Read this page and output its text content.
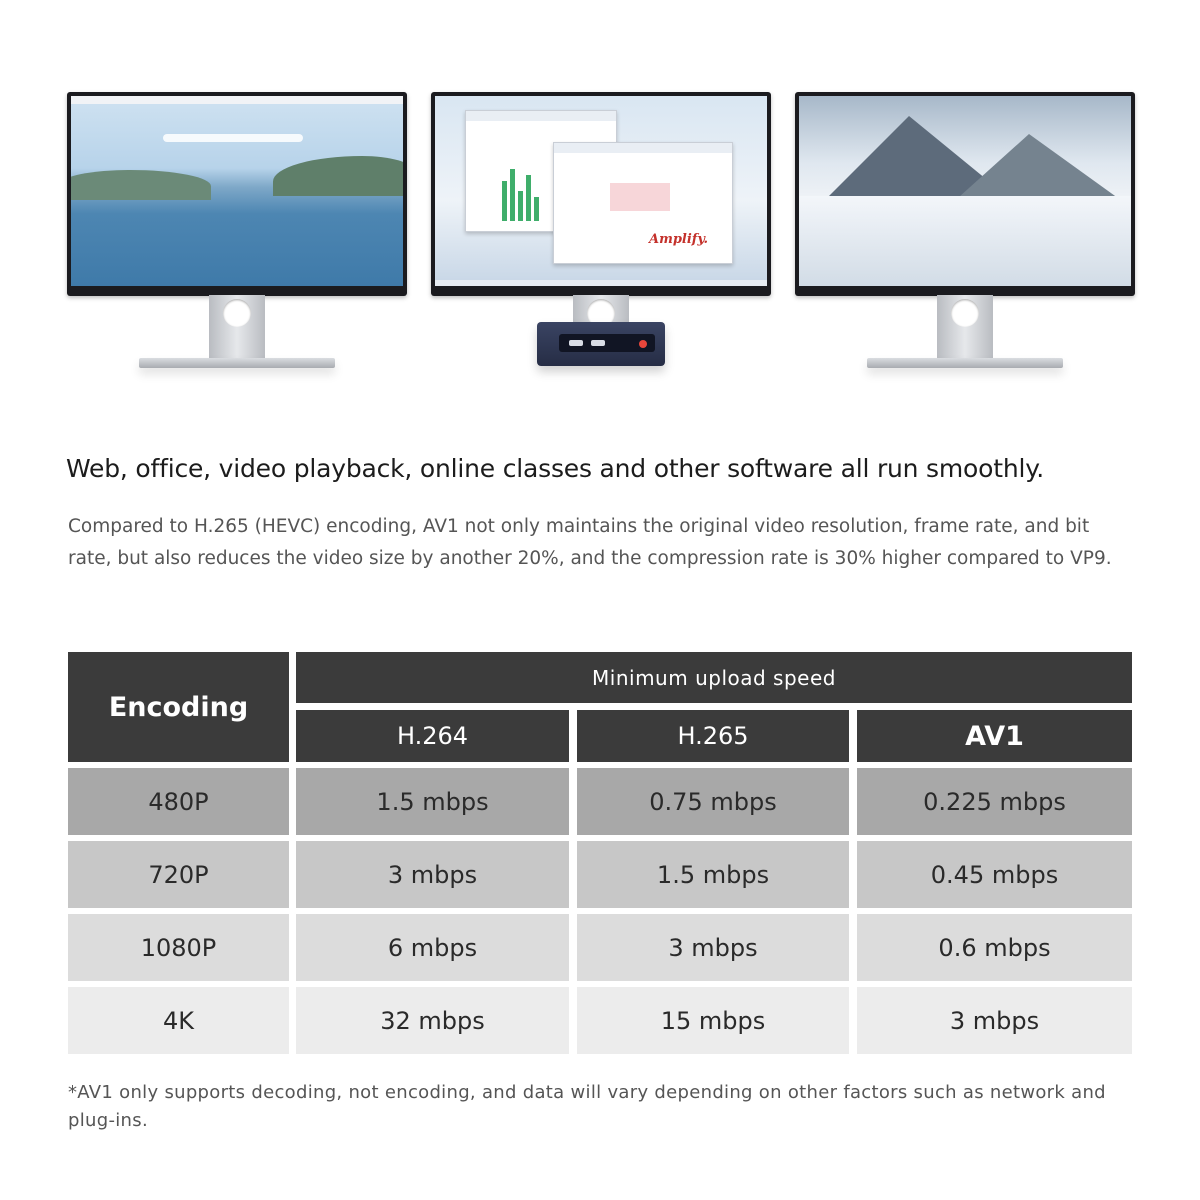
Amplify.
Web, office, video playback, online classes and other software all run smoothly.
Compared to H.265 (HEVC) encoding, AV1 not only maintains the original video resolution, frame rate, and bit rate, but also reduces the video size by another 20%, and the compression rate is 30% higher compared to VP9.
Encoding
Minimum upload speed
H.264	H.265	AV1
480P	1.5 mbps	0.75 mbps	0.225 mbps
720P	3 mbps	1.5 mbps	0.45 mbps
1080P	6 mbps	3 mbps	0.6 mbps
4K	32 mbps	15 mbps	3 mbps
*AV1 only supports decoding, not encoding, and data will vary depending on other factors such as network and plug-ins.
